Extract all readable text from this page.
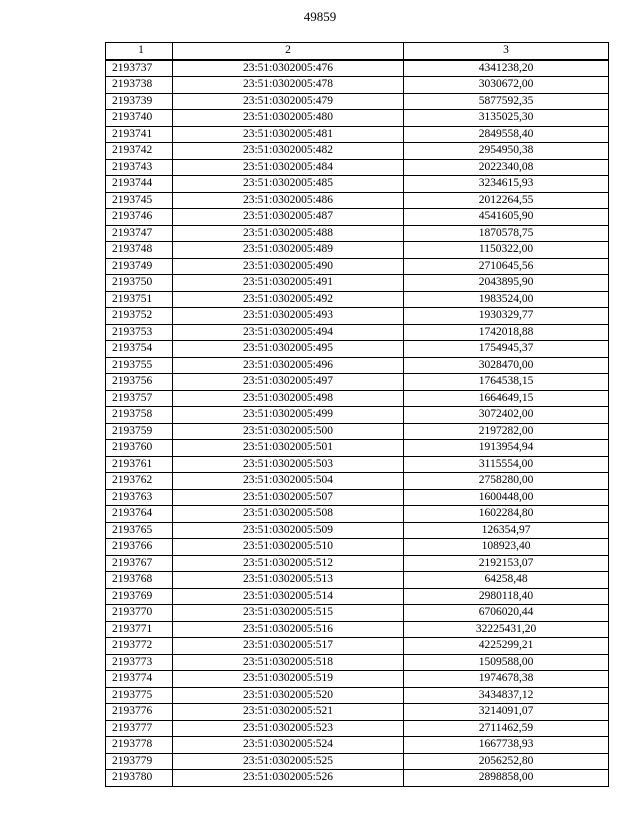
49859
1	2	3
2193737	23:51:0302005:476	4341238,20
2193738	23:51:0302005:478	3030672,00
2193739	23:51:0302005:479	5877592,35
2193740	23:51:0302005:480	3135025,30
2193741	23:51:0302005:481	2849558,40
2193742	23:51:0302005:482	2954950,38
2193743	23:51:0302005:484	2022340,08
2193744	23:51:0302005:485	3234615,93
2193745	23:51:0302005:486	2012264,55
2193746	23:51:0302005:487	4541605,90
2193747	23:51:0302005:488	1870578,75
2193748	23:51:0302005:489	1150322,00
2193749	23:51:0302005:490	2710645,56
2193750	23:51:0302005:491	2043895,90
2193751	23:51:0302005:492	1983524,00
2193752	23:51:0302005:493	1930329,77
2193753	23:51:0302005:494	1742018,88
2193754	23:51:0302005:495	1754945,37
2193755	23:51:0302005:496	3028470,00
2193756	23:51:0302005:497	1764538,15
2193757	23:51:0302005:498	1664649,15
2193758	23:51:0302005:499	3072402,00
2193759	23:51:0302005:500	2197282,00
2193760	23:51:0302005:501	1913954,94
2193761	23:51:0302005:503	3115554,00
2193762	23:51:0302005:504	2758280,00
2193763	23:51:0302005:507	1600448,00
2193764	23:51:0302005:508	1602284,80
2193765	23:51:0302005:509	126354,97
2193766	23:51:0302005:510	108923,40
2193767	23:51:0302005:512	2192153,07
2193768	23:51:0302005:513	64258,48
2193769	23:51:0302005:514	2980118,40
2193770	23:51:0302005:515	6706020,44
2193771	23:51:0302005:516	32225431,20
2193772	23:51:0302005:517	4225299,21
2193773	23:51:0302005:518	1509588,00
2193774	23:51:0302005:519	1974678,38
2193775	23:51:0302005:520	3434837,12
2193776	23:51:0302005:521	3214091,07
2193777	23:51:0302005:523	2711462,59
2193778	23:51:0302005:524	1667738,93
2193779	23:51:0302005:525	2056252,80
2193780	23:51:0302005:526	2898858,00
